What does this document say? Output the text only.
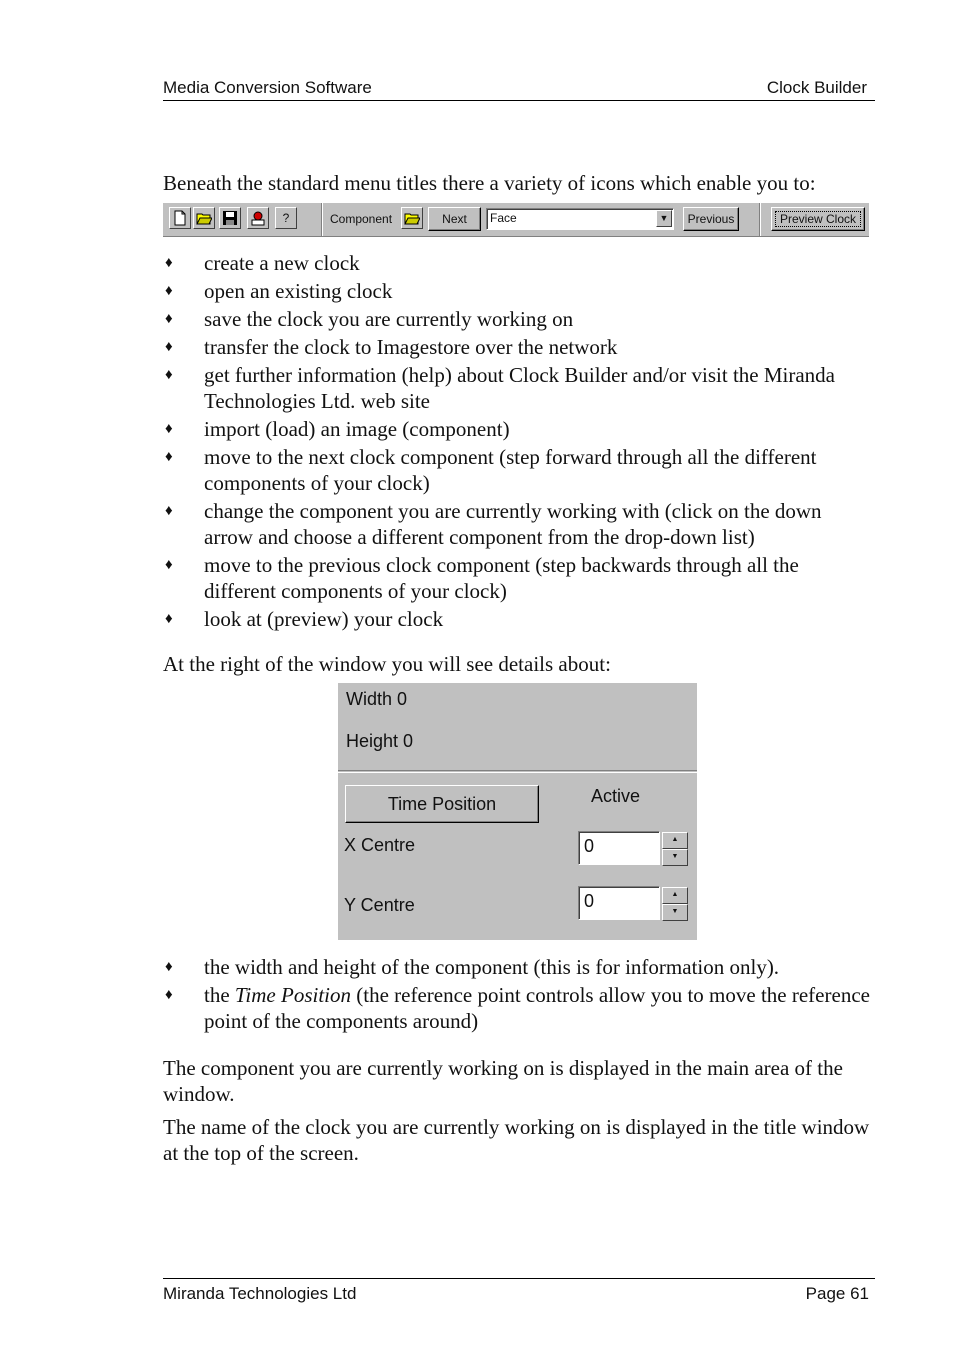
Media Conversion Software	Clock Builder
Beneath the standard menu titles there a variety of icons which enable you to:
?	Component	Next	Face	▼	Previous	Preview Clock
♦ create a new clock
♦ open an existing clock
♦ save the clock you are currently working on
♦ transfer the clock to Imagestore over the network
♦ get further information (help) about Clock Builder and/or visit the Miranda Technologies Ltd. web site
♦ import (load) an image (component)
♦ move to the next clock component (step forward through all the different components of your clock)
♦ change the component you are currently working with (click on the down arrow and choose a different component from the drop-down list)
♦ move to the previous clock component (step backwards through all the different components of your clock)
♦ look at (preview) your clock
At the right of the window you will see details about:
Width 0
Height 0
Time Position	Active
X Centre	0	▲
▼
Y Centre	0	▲
▼
♦ the width and height of the component (this is for information only).
♦ the Time Position (the reference point controls allow you to move the reference point of the components around)
The component you are currently working on is displayed in the main area of the window.
The name of the clock you are currently working on is displayed in the title window at the top of the screen.
Miranda Technologies Ltd	Page 61
